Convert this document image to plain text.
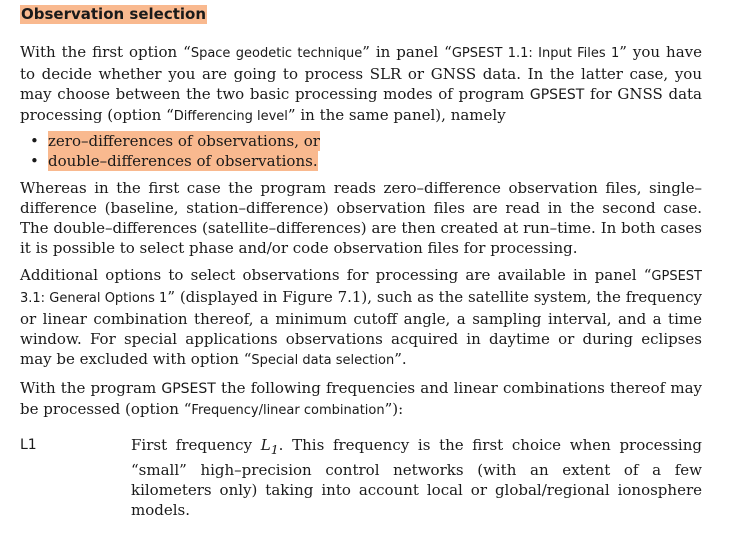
Observation selection

With the first option “Space geodetic technique” in panel “GPSEST 1.1: Input Files 1” you have to decide whether you are going to process SLR or GNSS data. In the latter case, you may choose between the two basic processing modes of program GPSEST for GNSS data processing (option “Differencing level” in the same panel), namely

• zero–differences of observations, or
• double–differences of observations.

Whereas in the first case the program reads zero–difference observation files, single–difference (baseline, station–difference) observation files are read in the second case. The double–differences (satellite–differences) are then created at run–time. In both cases it is possible to select phase and/or code observation files for processing.

Additional options to select observations for processing are available in panel “GPSEST 3.1: General Options 1” (displayed in Figure 7.1), such as the satellite system, the frequency or linear combination thereof, a minimum cutoff angle, a sampling interval, and a time window. For special applications observations acquired in daytime or during eclipses may be excluded with option “Special data selection”.

With the program GPSEST the following frequencies and linear combinations thereof may be processed (option “Frequency/linear combination”):

L1	First frequency $L_1$. This frequency is the first choice when processing “small” high–precision control networks (with an extent of a few kilometers only) taking into account local or global/regional ionosphere models.
